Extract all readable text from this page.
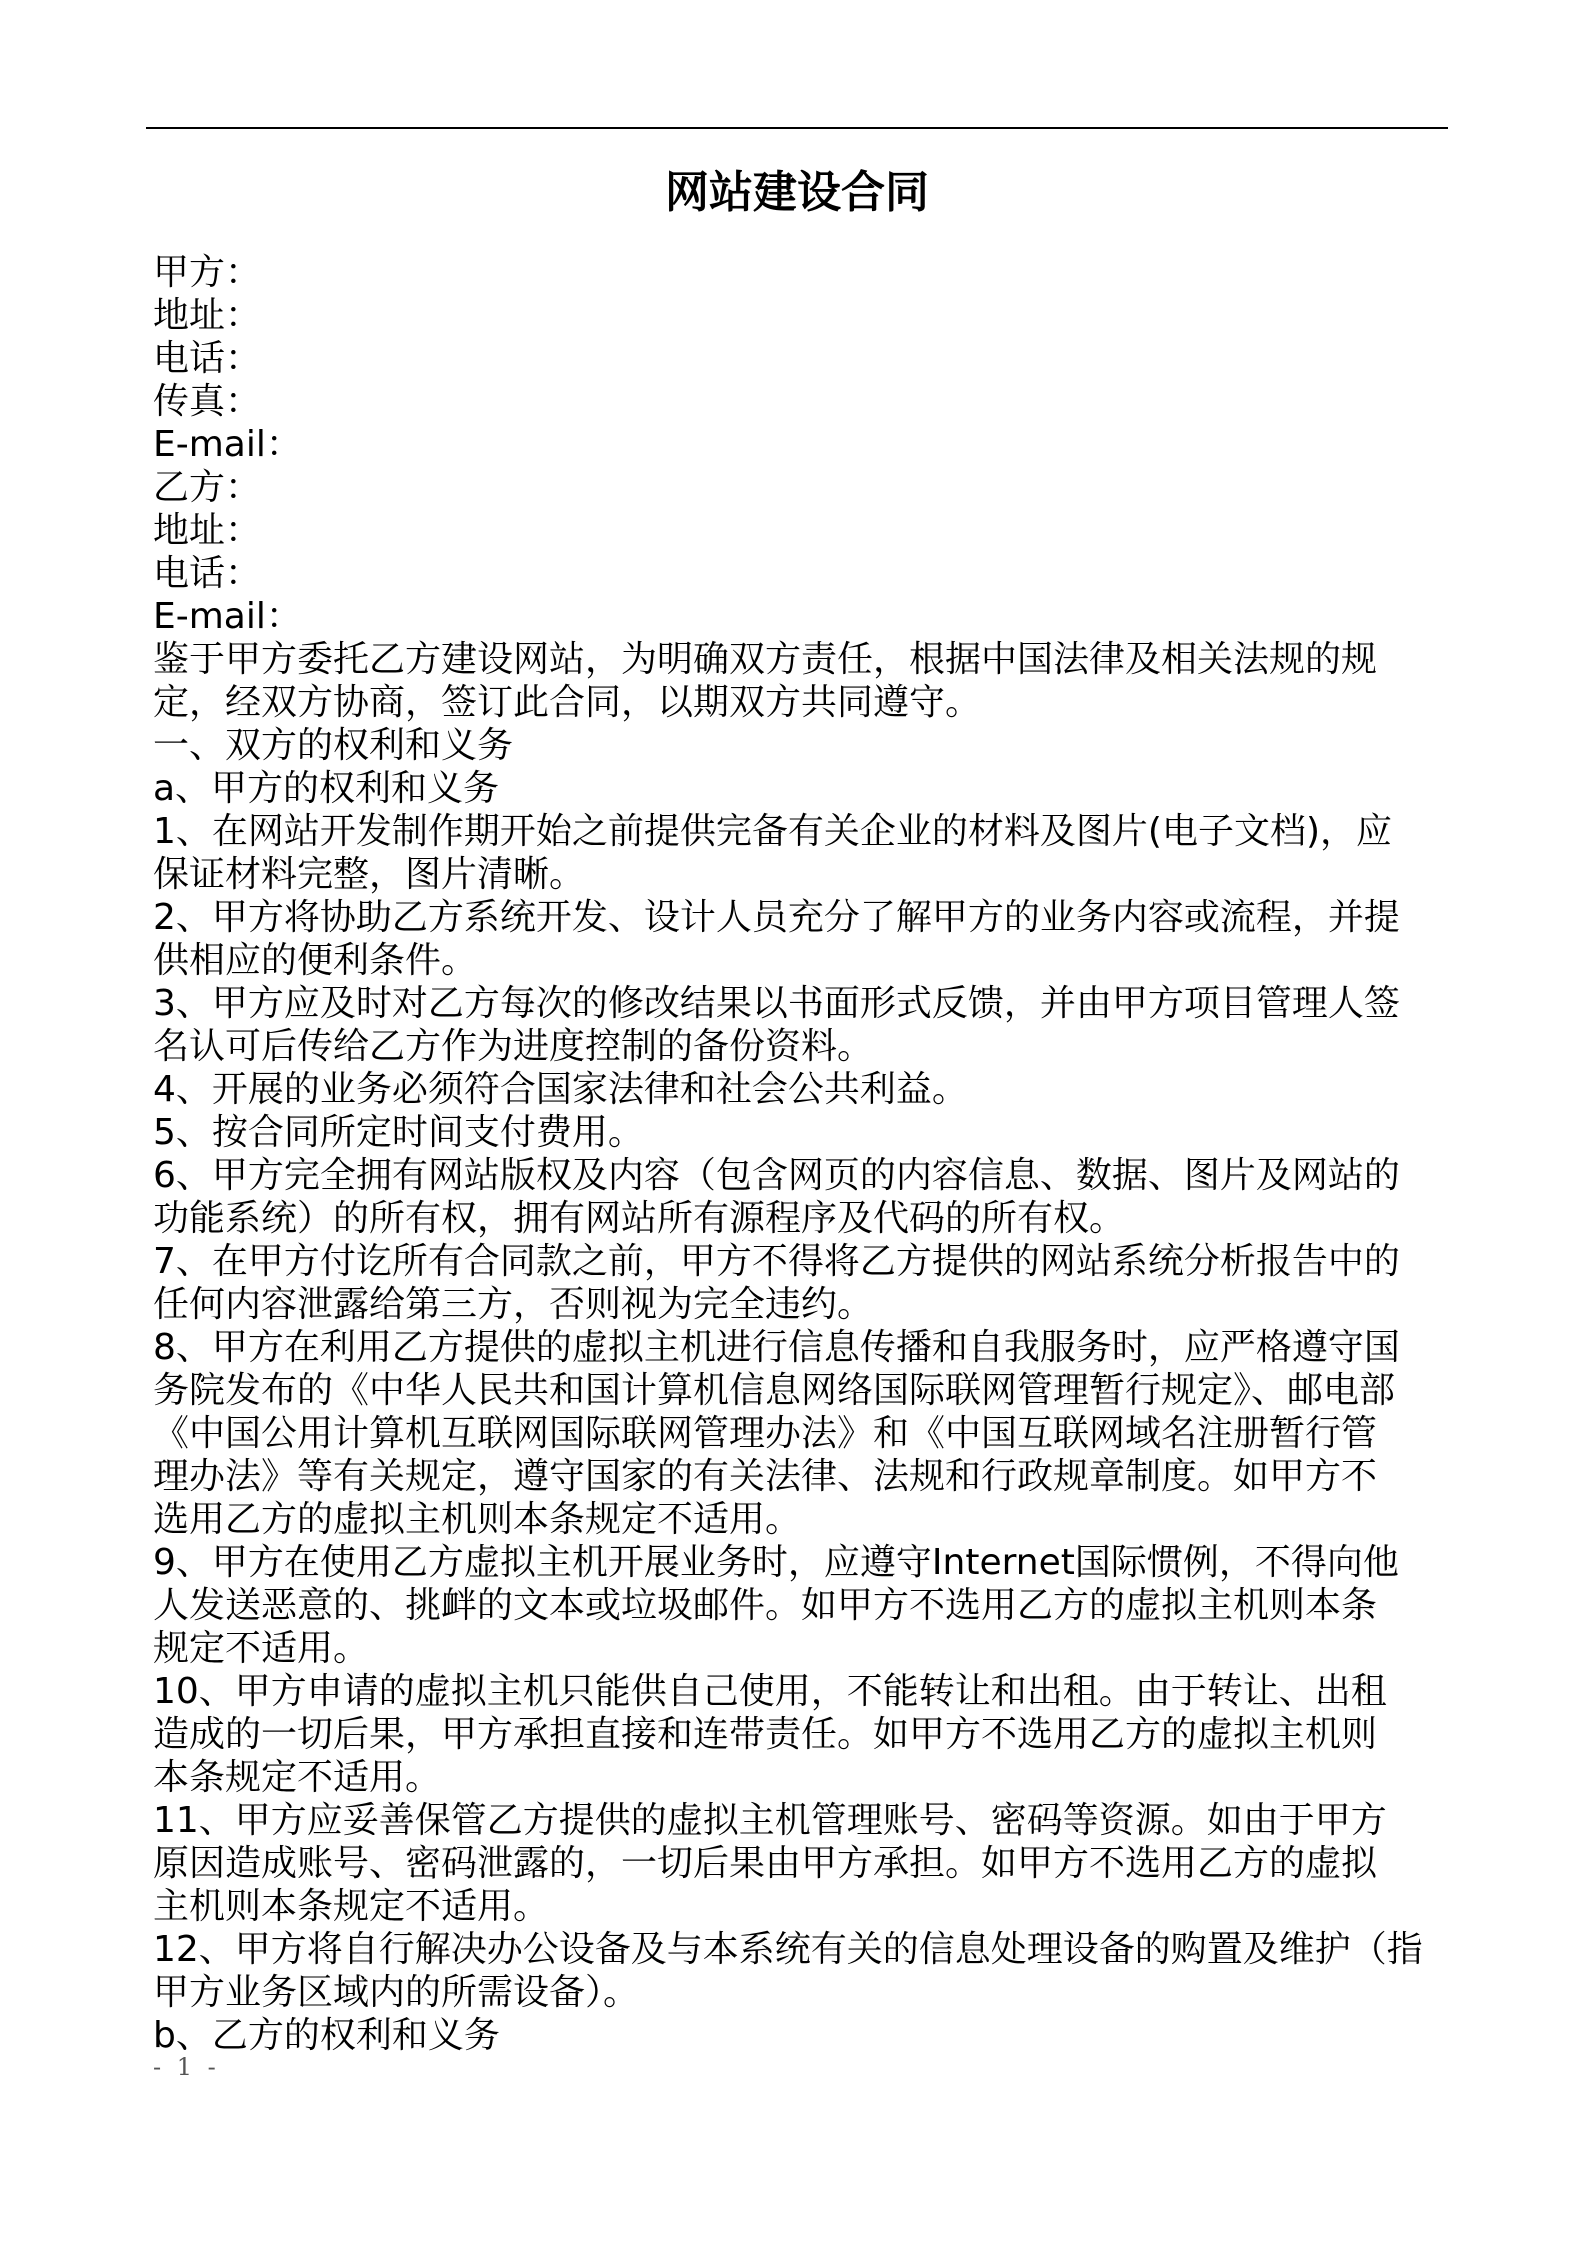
网站建设合同
甲方：
地址：
电话：
传真：
E-mail：
乙方：
地址：
电话：
E-mail：
鉴于甲方委托乙方建设网站，为明确双方责任，根据中国法律及相关法规的规
定，经双方协商，签订此合同，以期双方共同遵守。
一、双方的权利和义务
a、甲方的权利和义务
1、在网站开发制作期开始之前提供完备有关企业的材料及图片(电子文档)，应
保证材料完整，图片清晰。
2、甲方将协助乙方系统开发、设计人员充分了解甲方的业务内容或流程，并提
供相应的便利条件。
3、甲方应及时对乙方每次的修改结果以书面形式反馈，并由甲方项目管理人签
名认可后传给乙方作为进度控制的备份资料。
4、开展的业务必须符合国家法律和社会公共利益。
5、按合同所定时间支付费用。
6、甲方完全拥有网站版权及内容（包含网页的内容信息、数据、图片及网站的
功能系统）的所有权，拥有网站所有源程序及代码的所有权。
7、在甲方付讫所有合同款之前，甲方不得将乙方提供的网站系统分析报告中的
任何内容泄露给第三方，否则视为完全违约。
8、甲方在利用乙方提供的虚拟主机进行信息传播和自我服务时，应严格遵守国
务院发布的《中华人民共和国计算机信息网络国际联网管理暂行规定》、邮电部
《中国公用计算机互联网国际联网管理办法》和《中国互联网域名注册暂行管
理办法》等有关规定，遵守国家的有关法律、法规和行政规章制度。如甲方不
选用乙方的虚拟主机则本条规定不适用。
9、甲方在使用乙方虚拟主机开展业务时，应遵守Internet国际惯例，不得向他
人发送恶意的、挑衅的文本或垃圾邮件。如甲方不选用乙方的虚拟主机则本条
规定不适用。
10、甲方申请的虚拟主机只能供自己使用，不能转让和出租。由于转让、出租
造成的一切后果，甲方承担直接和连带责任。如甲方不选用乙方的虚拟主机则
本条规定不适用。
11、甲方应妥善保管乙方提供的虚拟主机管理账号、密码等资源。如由于甲方
原因造成账号、密码泄露的，一切后果由甲方承担。如甲方不选用乙方的虚拟
主机则本条规定不适用。
12、甲方将自行解决办公设备及与本系统有关的信息处理设备的购置及维护（指
甲方业务区域内的所需设备）。
b、乙方的权利和义务
- 1 -
